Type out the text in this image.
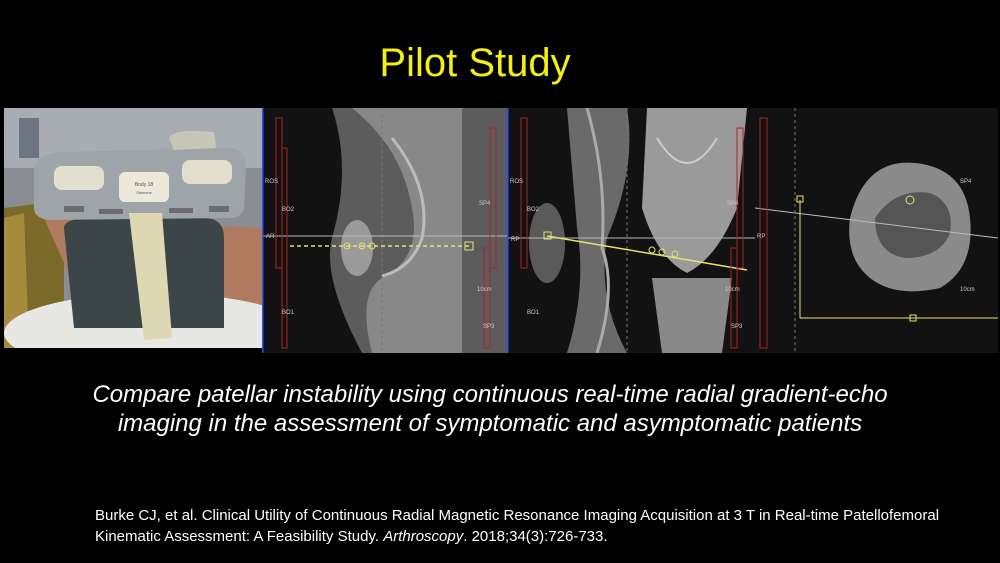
Pilot Study
Body 18
Siemens
ROS
BO2
AR
BO1
SP4
10cm
SP3
ROS
BO2
RP
BO1
SP4
10cm
SP3
RP
SP4
10cm
Compare patellar instability using continuous real-time radial gradient-echo imaging in the assessment of symptomatic and asymptomatic patients
Burke CJ, et al. Clinical Utility of Continuous Radial Magnetic Resonance Imaging Acquisition at 3 T in Real-time Patellofemoral Kinematic Assessment: A Feasibility Study. Arthroscopy. 2018;34(3):726-733.
